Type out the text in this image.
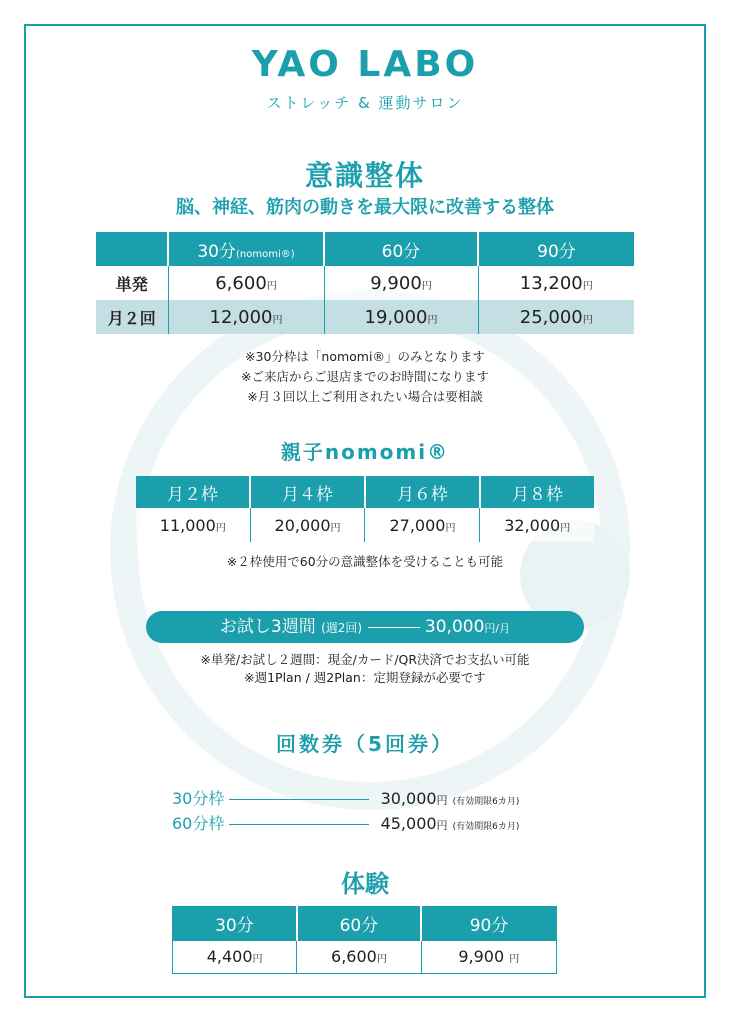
YAO LABO
ストレッチ & 運動サロン
意識整体
脳、神経、筋肉の動きを最大限に改善する整体
	30分(nomomi®)	60分	90分
単発	6,600円	9,900円	13,200円
月２回	12,000円	19,000円	25,000円
※30分枠は「nomomi®」のみとなります
※ご来店からご退店までのお時間になります
※月３回以上ご利用されたい場合は要相談
親子nomomi®
月２枠	月４枠	月６枠	月８枠
11,000円	20,000円	27,000円	32,000円
※２枠使用で60分の意識整体を受けることも可能
お試し3週間 (週2回)	30,000円/月
※単発/お試し２週間：現金/カード/QR決済でお支払い可能
※週1Plan / 週2Plan：定期登録が必要です
回数券（5回券）
30分枠	30,000円 (有効期限6カ月)
60分枠	45,000円 (有効期限6カ月)
体験
30分	60分	90分
4,400円	6,600円	9,900 円
